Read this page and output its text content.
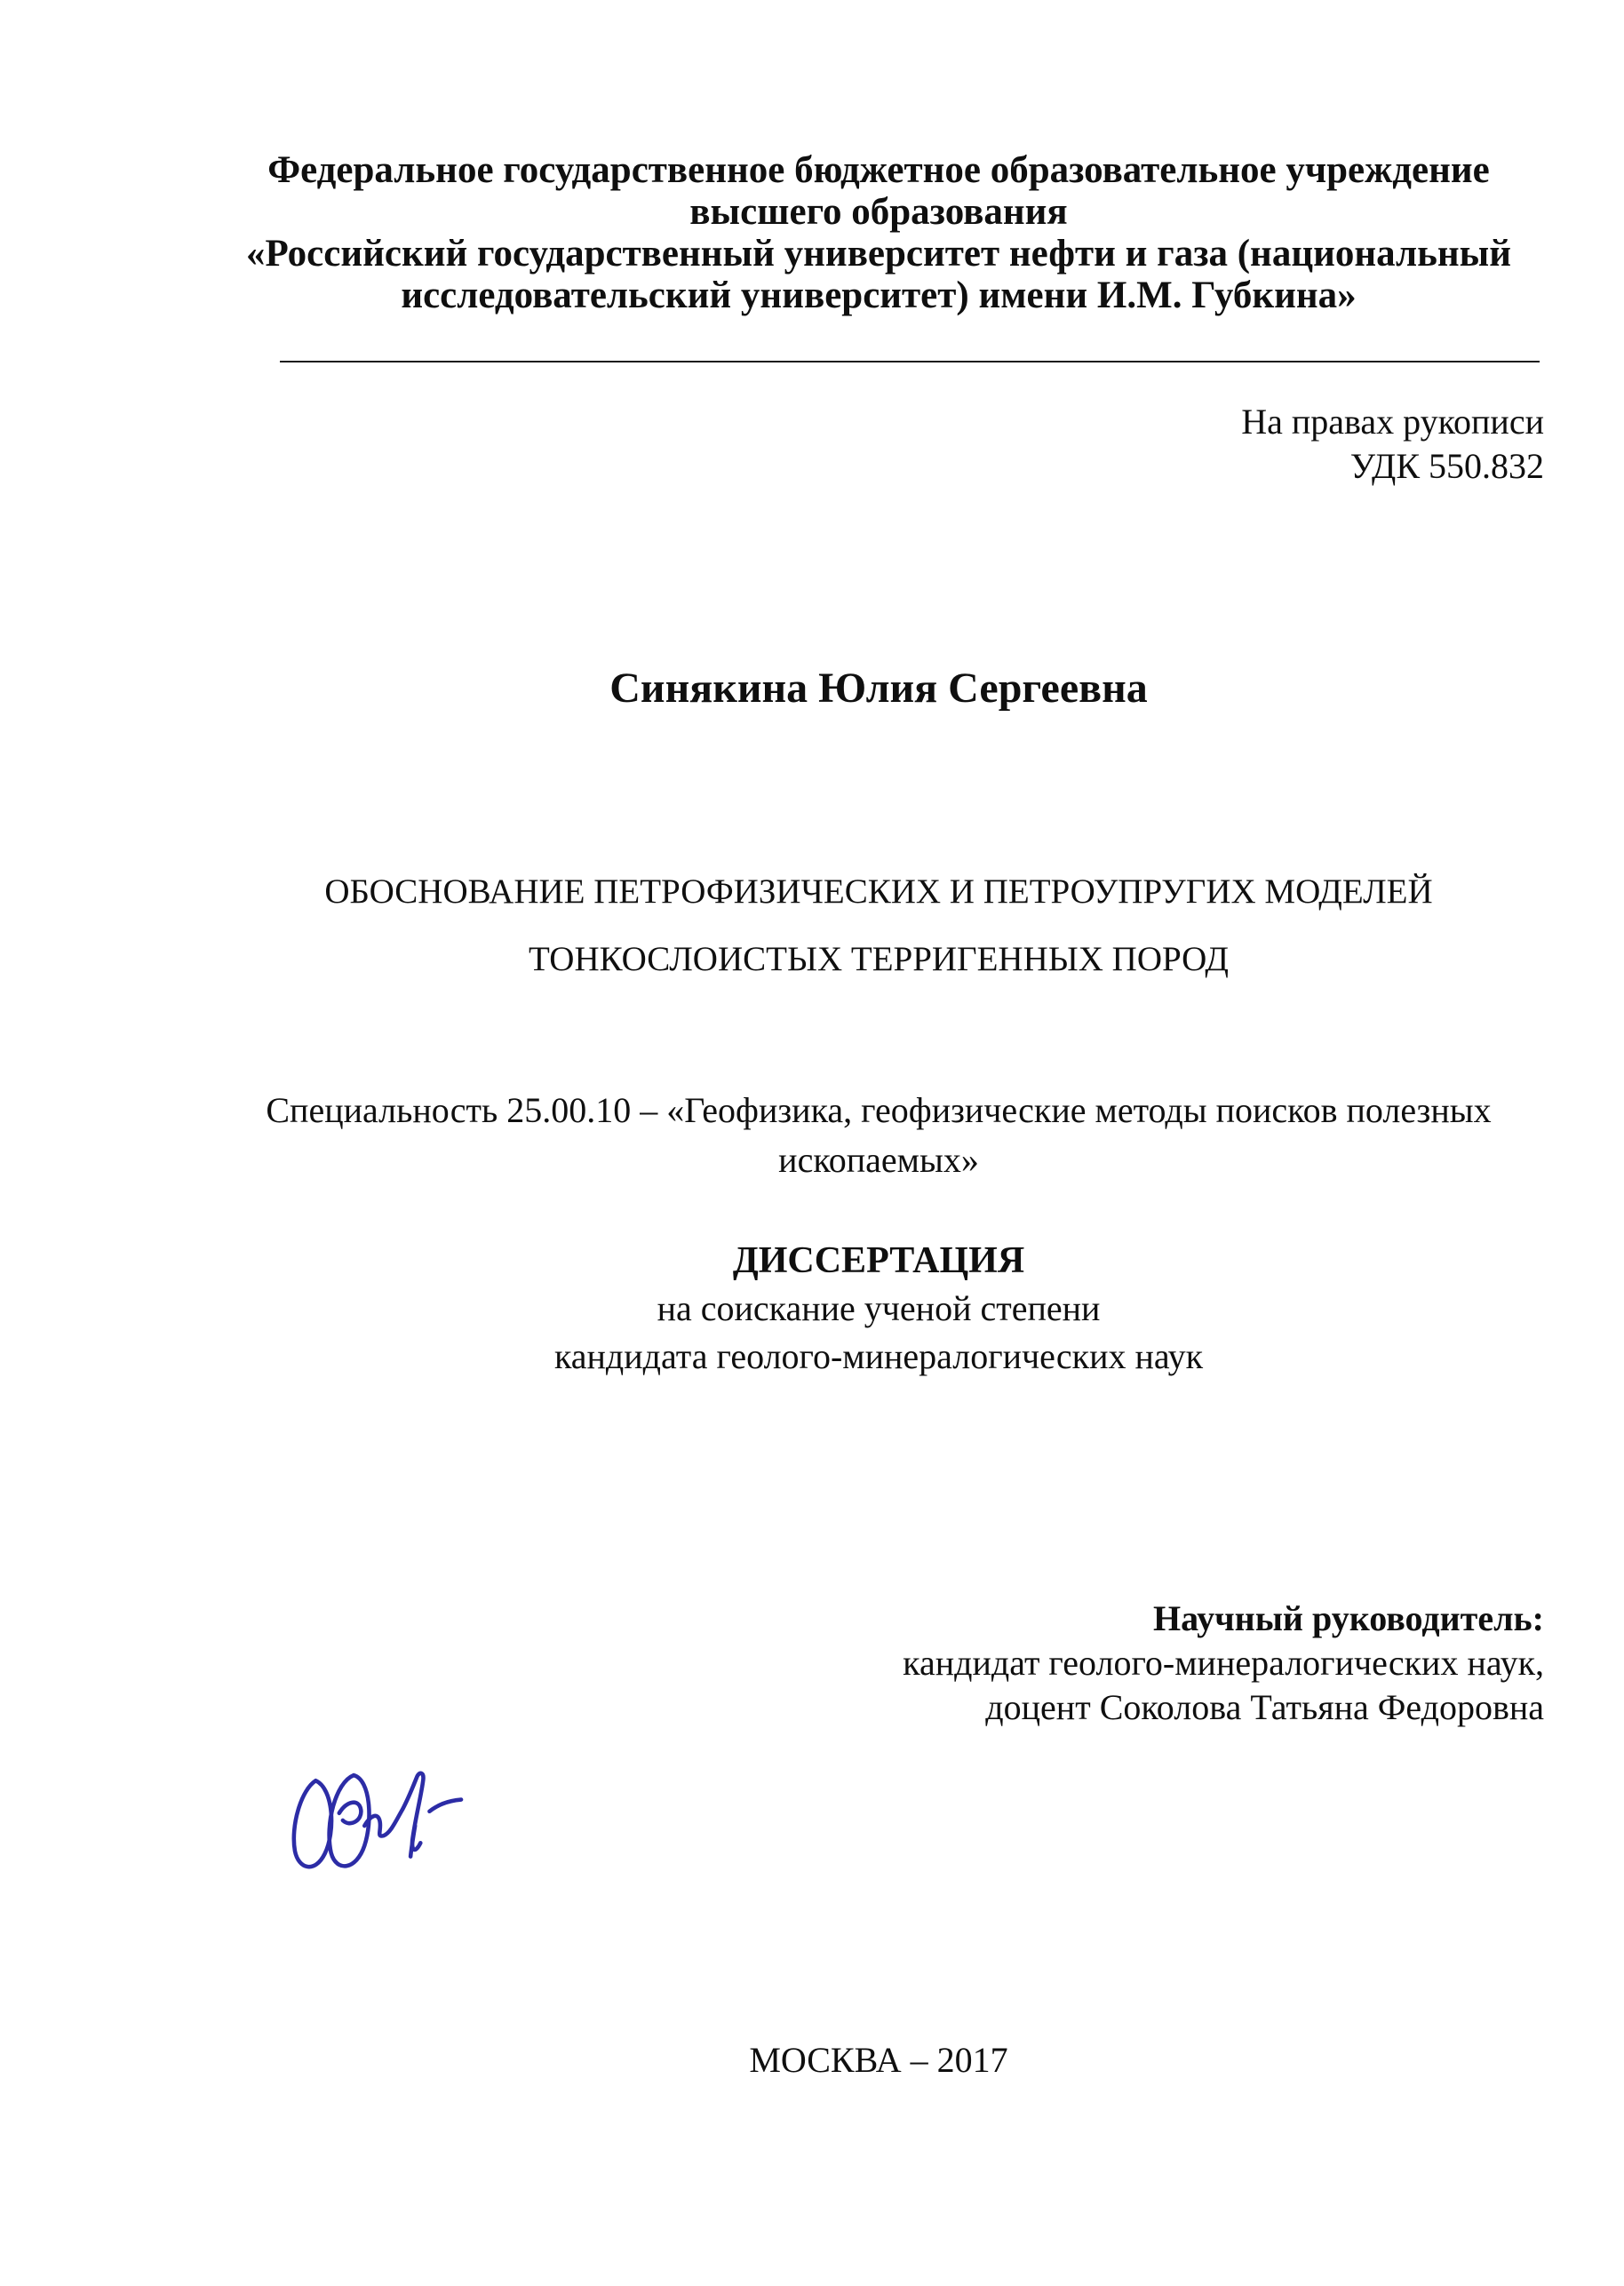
Федеральное государственное бюджетное образовательное учреждение
высшего образования
«Российский государственный университет нефти и газа (национальный
исследовательский университет) имени И.М. Губкина»
На правах рукописи
УДК 550.832
Синякина Юлия Сергеевна
ОБОСНОВАНИЕ ПЕТРОФИЗИЧЕСКИХ И ПЕТРОУПРУГИХ МОДЕЛЕЙ
ТОНКОСЛОИСТЫХ ТЕРРИГЕННЫХ ПОРОД
Специальность 25.00.10 – «Геофизика, геофизические методы поисков полезных
ископаемых»
ДИССЕРТАЦИЯ
на соискание ученой степени
кандидата геолого-минералогических наук
Научный руководитель:
кандидат геолого-минералогических наук,
доцент Соколова Татьяна Федоровна
МОСКВА – 2017
